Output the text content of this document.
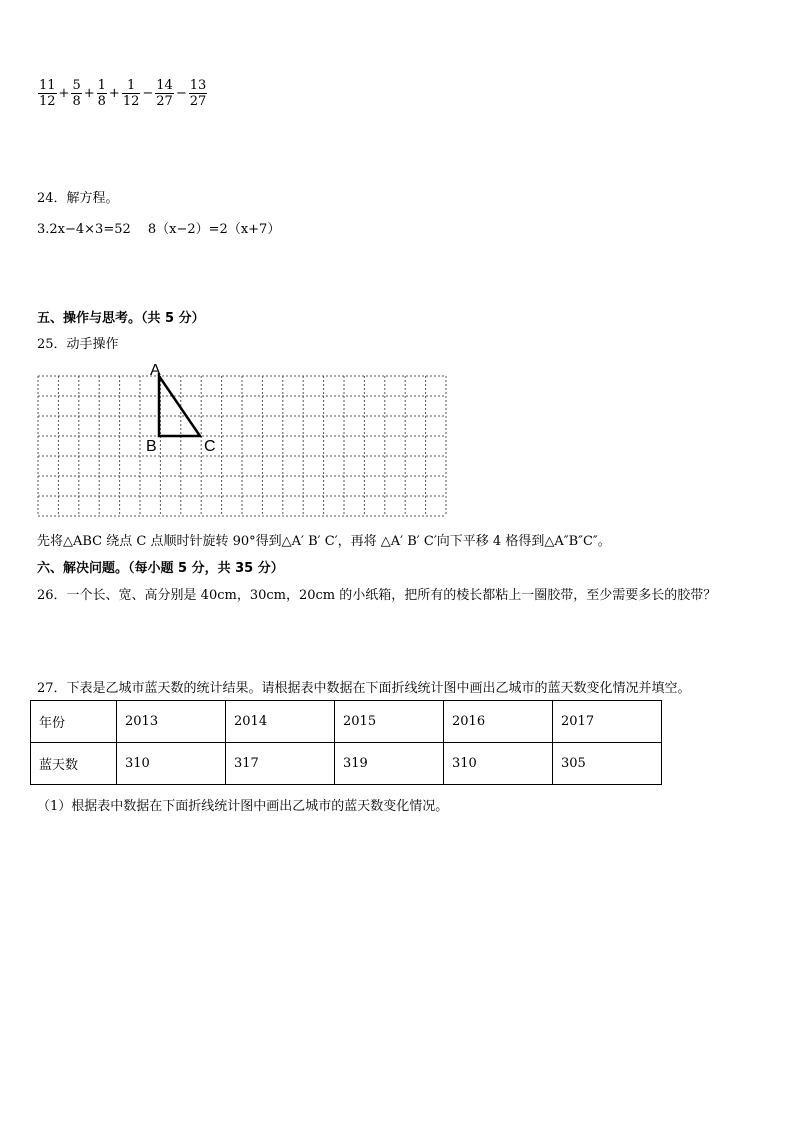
$\frac{11}{12} + \frac{5}{8} + \frac{1}{8} + \frac{1}{12} - \frac{14}{27} - \frac{13}{27}$
24．解方程。
3.2x−4×3=52　 8（x−2）=2（x+7）
五、操作与思考。（共 5 分）
25．动手操作
A
B	C
先将△ABC 绕点 C 点顺时针旋转 90°得到△A′ B′ C′，再将 △A′ B′ C′向下平移 4 格得到△A″B″C″。
六、解决问题。（每小题 5 分，共 35 分）
26．一个长、宽、高分别是 40cm，30cm，20cm 的小纸箱，把所有的棱长都粘上一圈胶带，至少需要多长的胶带？
27．下表是乙城市蓝天数的统计结果。请根据表中数据在下面折线统计图中画出乙城市的蓝天数变化情况并填空。
年份	2013	2014	2015	2016	2017
蓝天数	310	317	319	310	305
（1）根据表中数据在下面折线统计图中画出乙城市的蓝天数变化情况。
